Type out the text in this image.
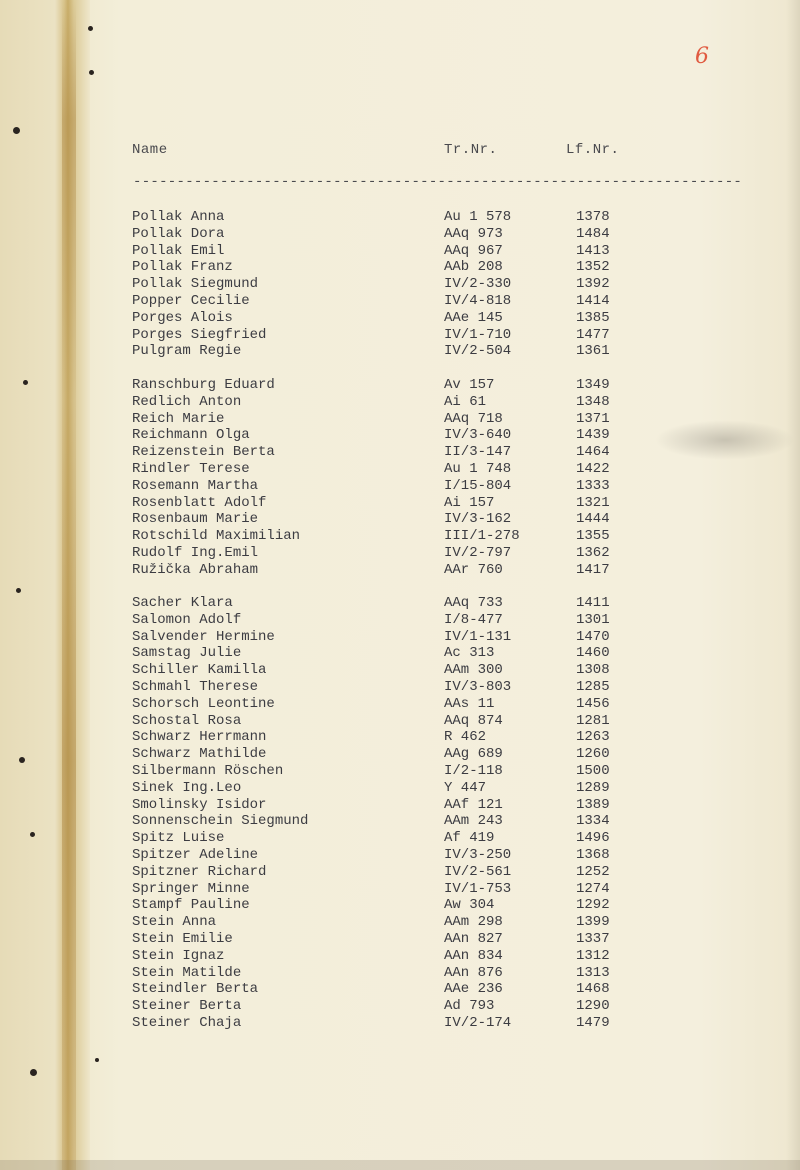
6
Name	Tr.Nr.	Lf.Nr.
----------------------------------------------------------------------
Pollak Anna	Au 1 578	1378
Pollak Dora	AAq 973	1484
Pollak Emil	AAq 967	1413
Pollak Franz	AAb 208	1352
Pollak Siegmund	IV/2-330	1392
Popper Cecilie	IV/4-818	1414
Porges Alois	AAe 145	1385
Porges Siegfried	IV/1-710	1477
Pulgram Regie	IV/2-504	1361
Ranschburg Eduard	Av 157	1349
Redlich Anton	Ai 61	1348
Reich Marie	AAq 718	1371
Reichmann Olga	IV/3-640	1439
Reizenstein Berta	II/3-147	1464
Rindler Terese	Au 1 748	1422
Rosemann Martha	I/15-804	1333
Rosenblatt Adolf	Ai 157	1321
Rosenbaum Marie	IV/3-162	1444
Rotschild Maximilian	III/1-278	1355
Rudolf Ing.Emil	IV/2-797	1362
Ružička Abraham	AAr 760	1417
Sacher Klara	AAq 733	1411
Salomon Adolf	I/8-477	1301
Salvender Hermine	IV/1-131	1470
Samstag Julie	Ac 313	1460
Schiller Kamilla	AAm 300	1308
Schmahl Therese	IV/3-803	1285
Schorsch Leontine	AAs 11	1456
Schostal Rosa	AAq 874	1281
Schwarz Herrmann	R 462	1263
Schwarz Mathilde	AAg 689	1260
Silbermann Röschen	I/2-118	1500
Sinek Ing.Leo	Y 447	1289
Smolinsky Isidor	AAf 121	1389
Sonnenschein Siegmund	AAm 243	1334
Spitz Luise	Af 419	1496
Spitzer Adeline	IV/3-250	1368
Spitzner Richard	IV/2-561	1252
Springer Minne	IV/1-753	1274
Stampf Pauline	Aw 304	1292
Stein Anna	AAm 298	1399
Stein Emilie	AAn 827	1337
Stein Ignaz	AAn 834	1312
Stein Matilde	AAn 876	1313
Steindler Berta	AAe 236	1468
Steiner Berta	Ad 793	1290
Steiner Chaja	IV/2-174	1479
